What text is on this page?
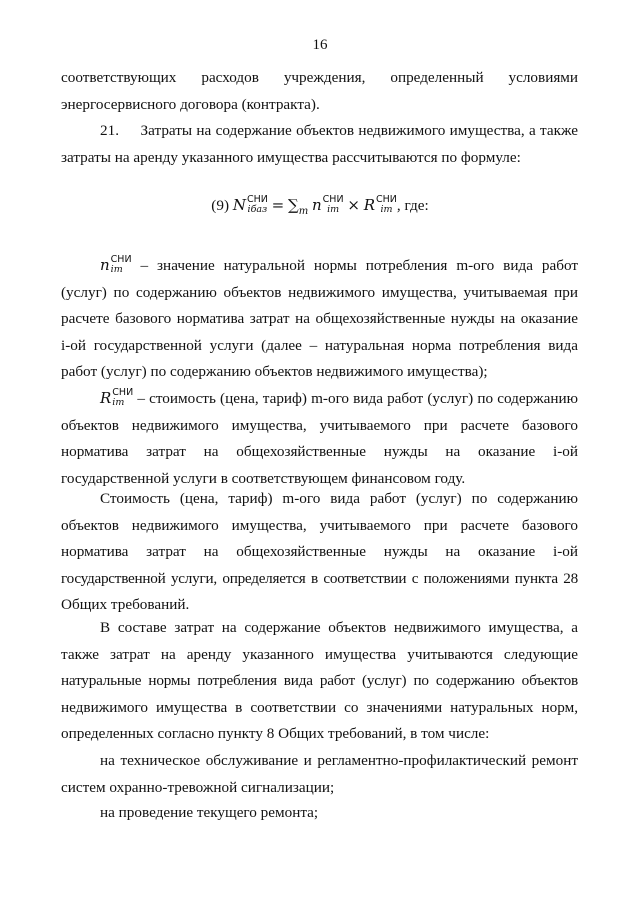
16
соответствующих расходов учреждения, определенный условиями
энергосервисного договора (контракта).
21.     Затраты на содержание объектов недвижимого имущества, а также
затраты на аренду указанного имущества рассчитываются по формуле:
(9) N СНИ
iбаз = $\sum_m$ n СНИ
im × R СНИ
im , где:
n СНИ
im	– значение натуральной нормы потребления m-ого вида работ
(услуг) по содержанию объектов недвижимого имущества, учитываемая при
расчете базового норматива затрат на общехозяйственные нужды на оказание
i-ой государственной услуги (далее – натуральная норма потребления вида
работ (услуг) по содержанию объектов недвижимого имущества);
R СНИ
im – стоимость (цена, тариф) m-ого вида работ (услуг) по содержанию
объектов недвижимого имущества, учитываемого при расчете базового
норматива затрат на общехозяйственные нужды на оказание i-ой
государственной услуги в соответствующем финансовом году.
Стоимость (цена, тариф) m-ого вида работ (услуг) по содержанию
объектов недвижимого имущества, учитываемого при расчете базового
норматива затрат на общехозяйственные нужды на оказание i-ой
государственной услуги, определяется в соответствии с положениями пункта 28
Общих требований.
В составе затрат на содержание объектов недвижимого имущества, а
также затрат на аренду указанного имущества учитываются следующие
натуральные нормы потребления вида работ (услуг) по содержанию объектов
недвижимого имущества в соответствии со значениями натуральных норм,
определенных согласно пункту 8 Общих требований, в том числе:
на техническое обслуживание и регламентно-профилактический ремонт
систем охранно-тревожной сигнализации;
на проведение текущего ремонта;
